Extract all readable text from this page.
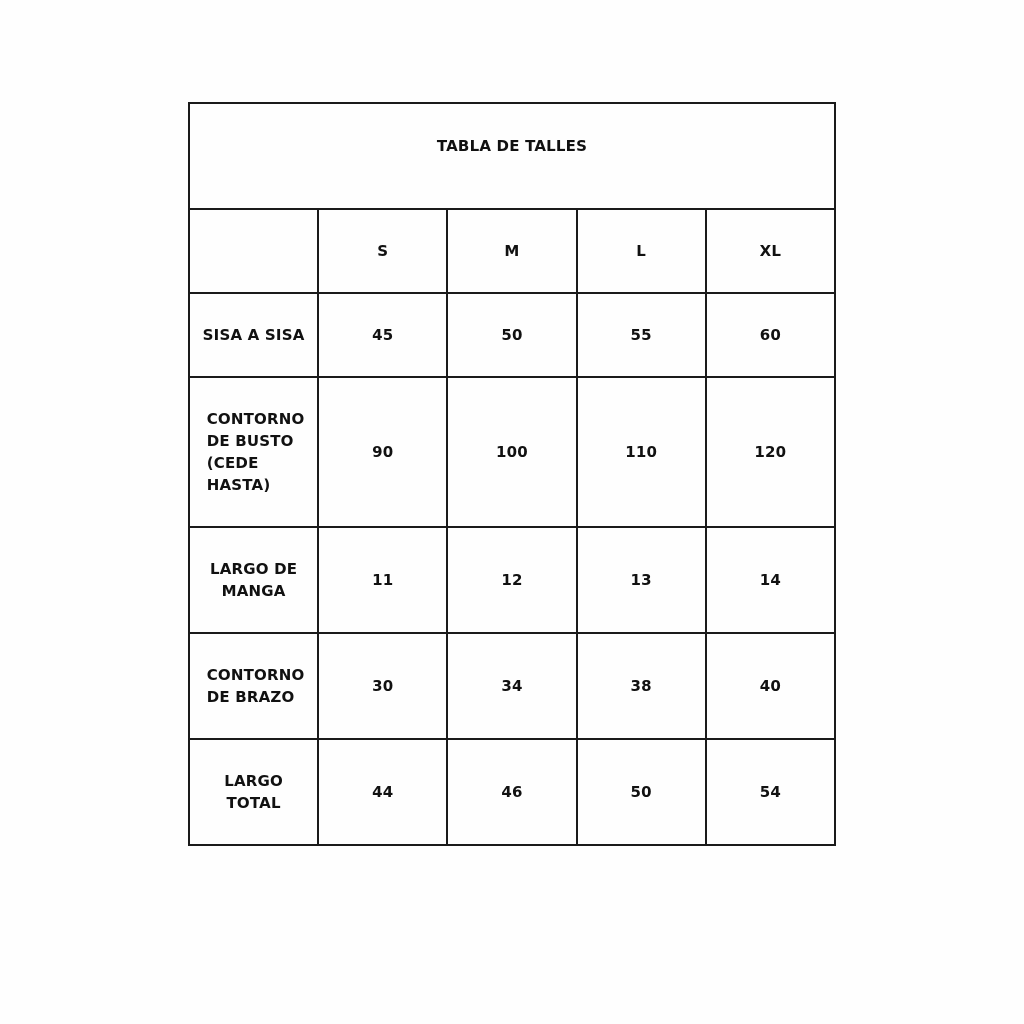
TABLA DE TALLES				

	S	M	L	XL
SISA A SISA	45	50	55	60
CONTORNO
DE BUSTO
(CEDE
HASTA)	90	100	110	120
LARGO DE
MANGA	11	12	13	14
CONTORNO
DE BRAZO	30	34	38	40
LARGO
TOTAL	44	46	50	54
